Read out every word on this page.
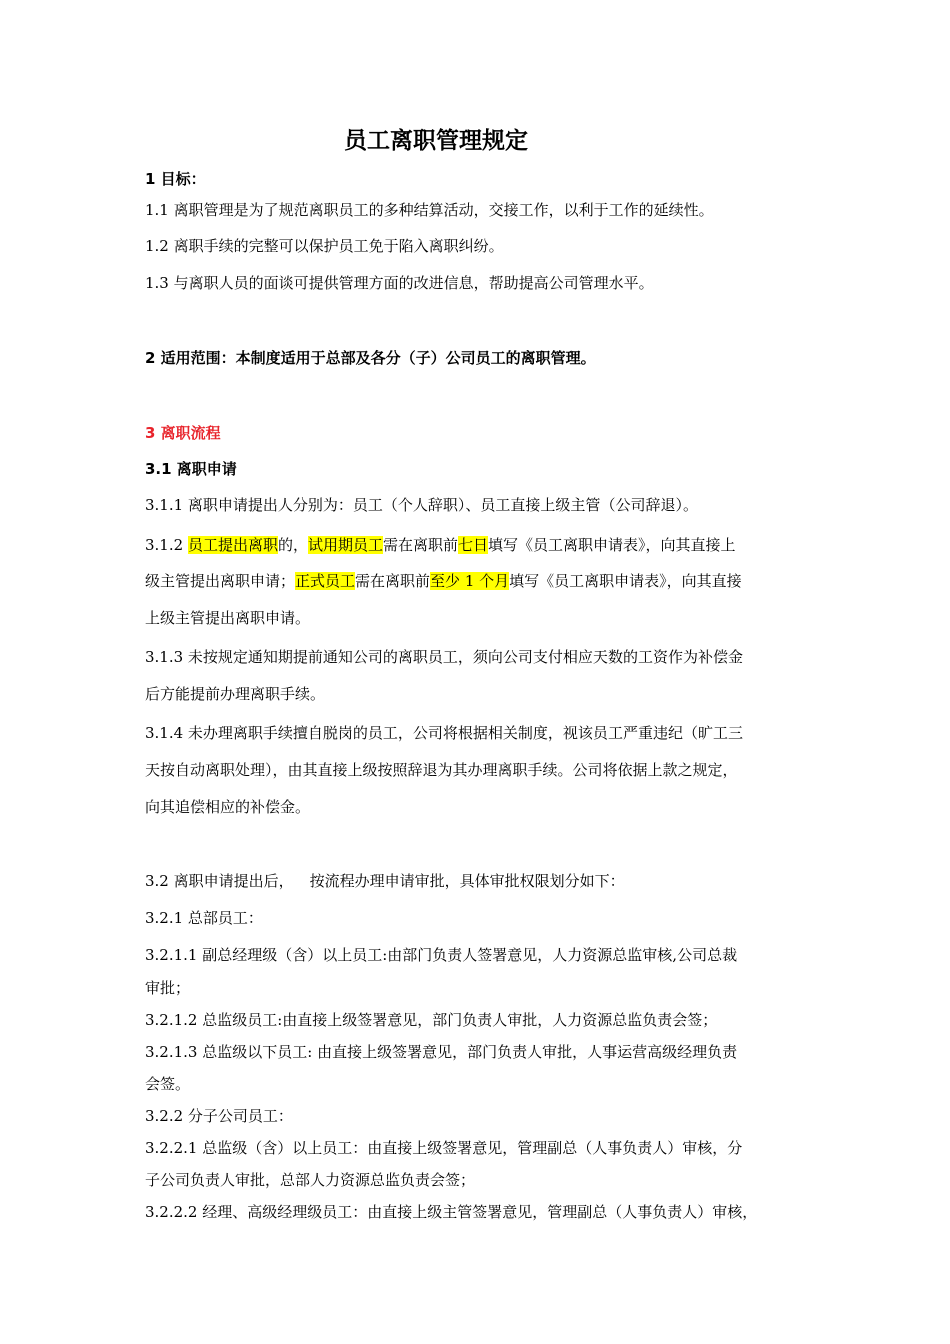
员工离职管理规定
1 目标：
1.1 离职管理是为了规范离职员工的多种结算活动，交接工作，以利于工作的延续性。
1.2 离职手续的完整可以保护员工免于陷入离职纠纷。
1.3 与离职人员的面谈可提供管理方面的改进信息，帮助提高公司管理水平。
2 适用范围：本制度适用于总部及各分（子）公司员工的离职管理。
3 离职流程
3.1 离职申请
3.1.1 离职申请提出人分别为：员工（个人辞职）、员工直接上级主管（公司辞退）。
3.1.2 员工提出离职的，试用期员工需在离职前七日填写《员工离职申请表》，向其直接上
级主管提出离职申请；正式员工需在离职前至少 1 个月填写《员工离职申请表》，向其直接
上级主管提出离职申请。
3.1.3 未按规定通知期提前通知公司的离职员工，须向公司支付相应天数的工资作为补偿金
后方能提前办理离职手续。
3.1.4 未办理离职手续擅自脱岗的员工，公司将根据相关制度，视该员工严重违纪（旷工三
天按自动离职处理），由其直接上级按照辞退为其办理离职手续。公司将依据上款之规定，
向其追偿相应的补偿金。
3.2 离职申请提出后， 按流程办理申请审批，具体审批权限划分如下：
3.2.1 总部员工：
3.2.1.1 副总经理级（含）以上员工:由部门负责人签署意见，人力资源总监审核,公司总裁
审批；
3.2.1.2 总监级员工:由直接上级签署意见，部门负责人审批，人力资源总监负责会签；
3.2.1.3 总监级以下员工: 由直接上级签署意见，部门负责人审批，人事运营高级经理负责
会签。
3.2.2 分子公司员工：
3.2.2.1 总监级（含）以上员工：由直接上级签署意见，管理副总（人事负责人）审核，分
子公司负责人审批，总部人力资源总监负责会签；
3.2.2.2 经理、高级经理级员工：由直接上级主管签署意见，管理副总（人事负责人）审核，
